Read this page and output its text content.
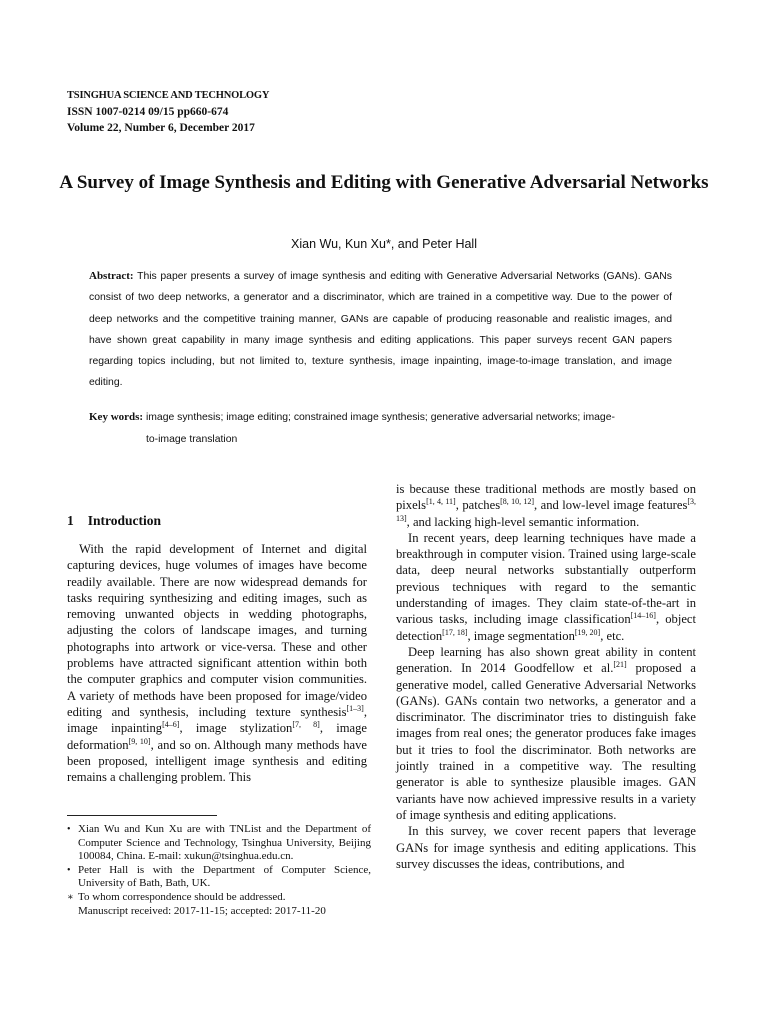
TSINGHUA SCIENCE AND TECHNOLOGY
ISSN 1007-0214 09/15 pp660-674
Volume 22, Number 6, December 2017
A Survey of Image Synthesis and Editing with Generative Adversarial Networks
Xian Wu, Kun Xu*, and Peter Hall
Abstract: This paper presents a survey of image synthesis and editing with Generative Adversarial Networks (GANs). GANs consist of two deep networks, a generator and a discriminator, which are trained in a competitive way. Due to the power of deep networks and the competitive training manner, GANs are capable of producing reasonable and realistic images, and have shown great capability in many image synthesis and editing applications. This paper surveys recent GAN papers regarding topics including, but not limited to, texture synthesis, image inpainting, image-to-image translation, and image editing.
Key words: image synthesis; image editing; constrained image synthesis; generative adversarial networks; image-
to-image translation
1 Introduction

With the rapid development of Internet and digital capturing devices, huge volumes of images have become readily available. There are now widespread demands for tasks requiring synthesizing and editing images, such as removing unwanted objects in wedding photographs, adjusting the colors of landscape images, and turning photographs into artwork or vice-versa. These and other problems have attracted significant attention within both the computer graphics and computer vision communities. A variety of methods have been proposed for image/video editing and synthesis, including texture synthesis[1–3], image inpainting[4–6], image stylization[7, 8], image deformation[9, 10], and so on. Although many methods have been proposed, intelligent image synthesis and editing remains a challenging problem. This

• Xian Wu and Kun Xu are with TNList and the Department of Computer Science and Technology, Tsinghua University, Beijing 100084, China. E-mail: xukun@tsinghua.edu.cn.
• Peter Hall is with the Department of Computer Science, University of Bath, Bath, UK.
∗ To whom correspondence should be addressed.
Manuscript received: 2017-11-15; accepted: 2017-11-20

is because these traditional methods are mostly based on pixels[1, 4, 11], patches[8, 10, 12], and low-level image features[3, 13], and lacking high-level semantic information.

In recent years, deep learning techniques have made a breakthrough in computer vision. Trained using large-scale data, deep neural networks substantially outperform previous techniques with regard to the semantic understanding of images. They claim state-of-the-art in various tasks, including image classification[14–16], object detection[17, 18], image segmentation[19, 20], etc.

Deep learning has also shown great ability in content generation. In 2014 Goodfellow et al.[21] proposed a generative model, called Generative Adversarial Networks (GANs). GANs contain two networks, a generator and a discriminator. The discriminator tries to distinguish fake images from real ones; the generator produces fake images but it tries to fool the discriminator. Both networks are jointly trained in a competitive way. The resulting generator is able to synthesize plausible images. GAN variants have now achieved impressive results in a variety of image synthesis and editing applications.

In this survey, we cover recent papers that leverage GANs for image synthesis and editing applications. This survey discusses the ideas, contributions, and
